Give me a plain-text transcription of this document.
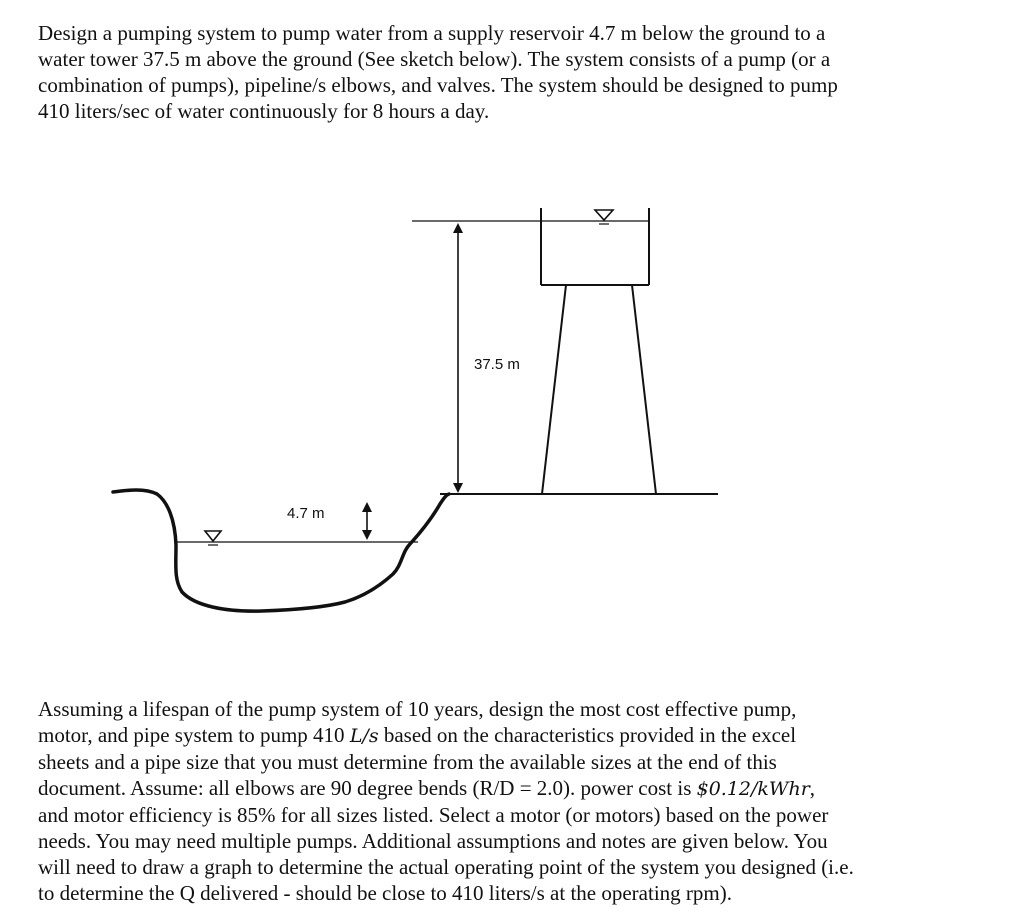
Design a pumping system to pump water from a supply reservoir 4.7 m below the ground to a
water tower 37.5 m above the ground (See sketch below). The system consists of a pump (or a
combination of pumps), pipeline/s elbows, and valves. The system should be designed to pump
410 liters/sec of water continuously for 8 hours a day.
4.7 m
37.5 m
Assuming a lifespan of the pump system of 10 years, design the most cost effective pump,
motor, and pipe system to pump 410 L/s based on the characteristics provided in the excel
sheets and a pipe size that you must determine from the available sizes at the end of this
document. Assume: all elbows are 90 degree bends (R/D = 2.0). power cost is $0.12/kWhr,
and motor efficiency is 85% for all sizes listed. Select a motor (or motors) based on the power
needs. You may need multiple pumps. Additional assumptions and notes are given below. You
will need to draw a graph to determine the actual operating point of the system you designed (i.e.
to determine the Q delivered - should be close to 410 liters/s at the operating rpm).
